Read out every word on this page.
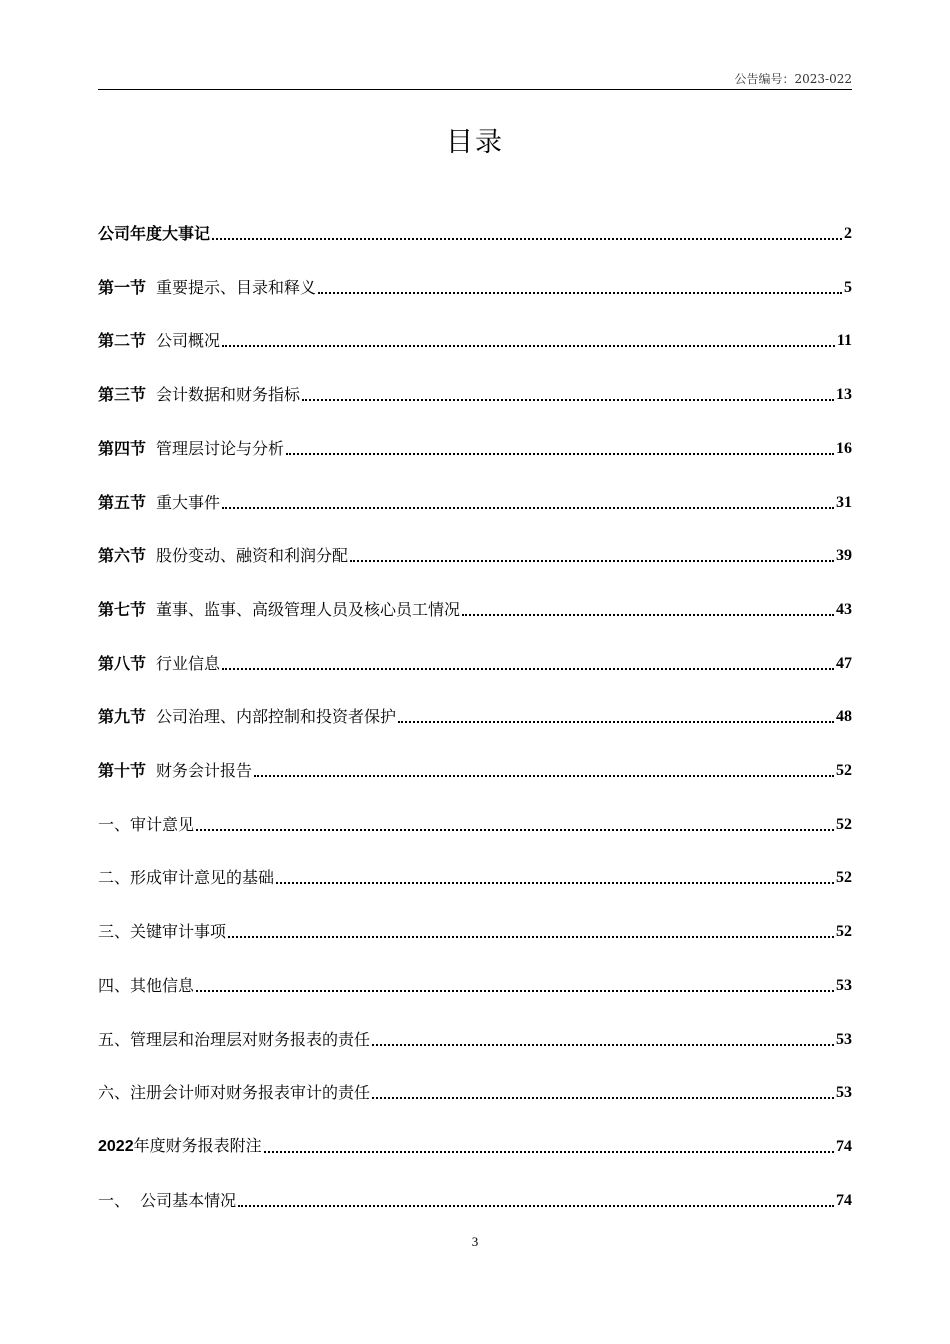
公告编号：2023-022
目录
公司年度大事记	2
第一节 重要提示、目录和释义	5
第二节 公司概况	11
第三节 会计数据和财务指标	13
第四节 管理层讨论与分析	16
第五节 重大事件	31
第六节 股份变动、融资和利润分配	39
第七节 董事、监事、高级管理人员及核心员工情况	43
第八节 行业信息	47
第九节 公司治理、内部控制和投资者保护	48
第十节 财务会计报告	52
一、审计意见	52
二、形成审计意见的基础	52
三、关键审计事项	52
四、其他信息	53
五、管理层和治理层对财务报表的责任	53
六、注册会计师对财务报表审计的责任	53
2022年度财务报表附注	74
一、  公司基本情况	74
3
